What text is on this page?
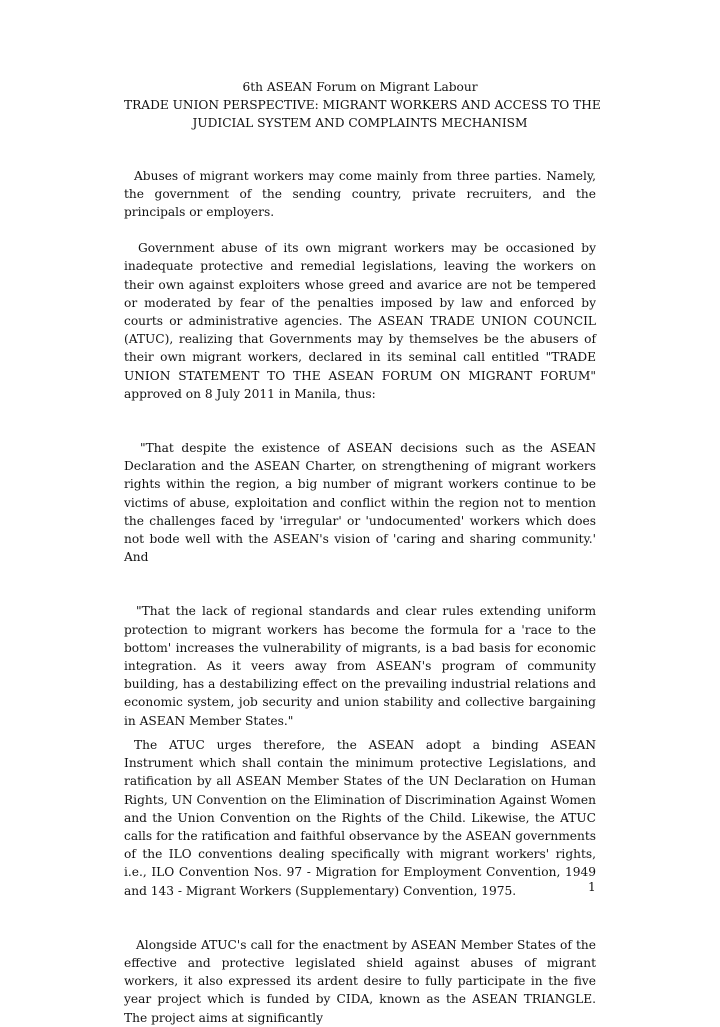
6th ASEAN Forum on Migrant Labour
TRADE UNION PERSPECTIVE: MIGRANT WORKERS AND ACCESS TO THE
JUDICIAL SYSTEM AND COMPLAINTS MECHANISM

Abuses of migrant workers may come mainly from three parties. Namely, the government of the sending country, private recruiters, and the principals or employers.

Government abuse of its own migrant workers may be occasioned by inadequate protective and remedial legislations, leaving the workers on their own against exploiters whose greed and avarice are not be tempered or moderated by fear of the penalties imposed by law and enforced by courts or administrative agencies. The ASEAN TRADE UNION COUNCIL (ATUC), realizing that Governments may by themselves be the abusers of their own migrant workers, declared in its seminal call entitled "TRADE UNION STATEMENT TO THE ASEAN FORUM ON MIGRANT FORUM" approved on 8 July 2011 in Manila, thus:

"That despite the existence of ASEAN decisions such as the ASEAN Declaration and the ASEAN Charter, on strengthening of migrant workers rights within the region, a big number of migrant workers continue to be victims of abuse, exploitation and conflict within the region not to mention the challenges faced by 'irregular' or 'undocumented' workers which does not bode well with the ASEAN's vision of 'caring and sharing community.' And

"That the lack of regional standards and clear rules extending uniform protection to migrant workers has become the formula for a 'race to the bottom' increases the vulnerability of migrants, is a bad basis for economic integration. As it veers away from ASEAN's program of community building, has a destabilizing effect on the prevailing industrial relations and economic system, job security and union stability and collective bargaining in ASEAN Member States."

The ATUC urges therefore, the ASEAN adopt a binding ASEAN Instrument which shall contain the minimum protective Legislations, and ratification by all ASEAN Member States of the UN Declaration on Human Rights, UN Convention on the Elimination of Discrimination Against Women and the Union Convention on the Rights of the Child. Likewise, the ATUC calls for the ratification and faithful observance by the ASEAN governments of the ILO conventions dealing specifically with migrant workers' rights, i.e., ILO Convention Nos. 97 - Migration for Employment Convention, 1949 and 143 - Migrant Workers (Supplementary) Convention, 1975.

Alongside ATUC's call for the enactment by ASEAN Member States of the effective and protective legislated shield against abuses of migrant workers, it also expressed its ardent desire to fully participate in the five year project which is funded by CIDA, known as the ASEAN TRIANGLE. The project aims at significantly

1
